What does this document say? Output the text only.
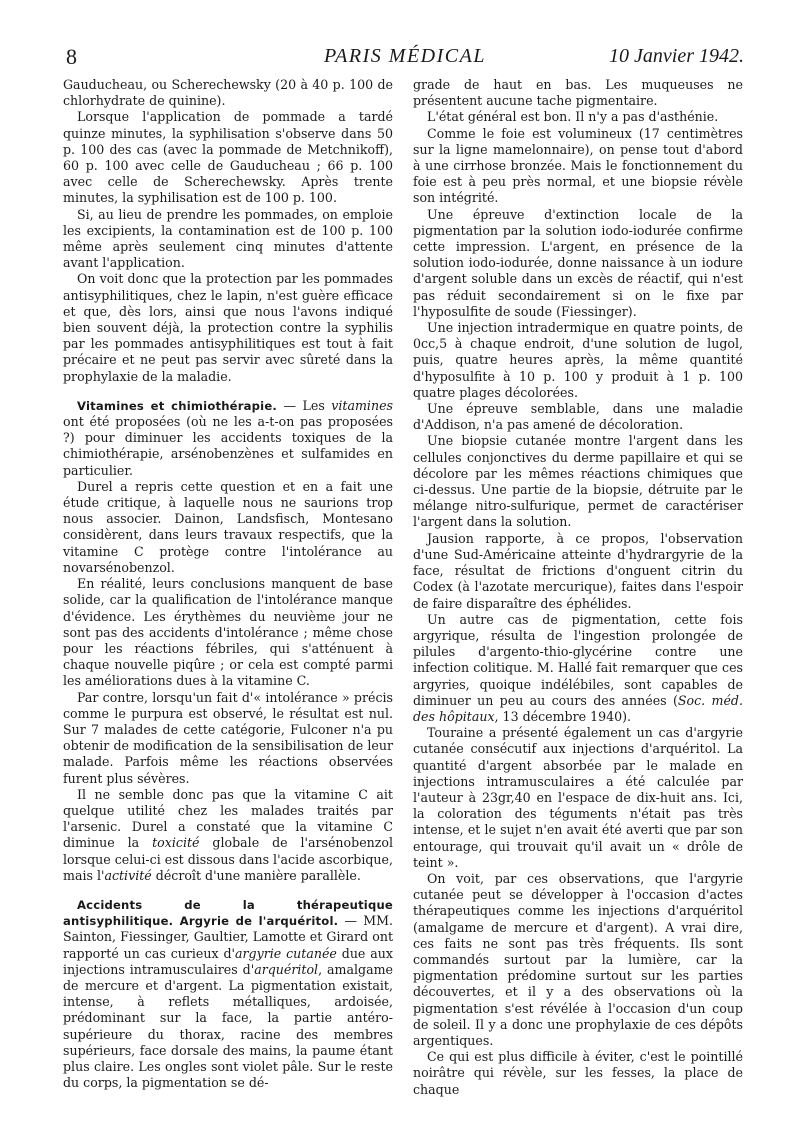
8	PARIS MÉDICAL	10 Janvier 1942.

Gauducheau, ou Scherechewsky (20 à 40 p. 100 de chlorhydrate de quinine).

Lorsque l'application de pommade a tardé quinze minutes, la syphilisation s'observe dans 50 p. 100 des cas (avec la pommade de Metchnikoff), 60 p. 100 avec celle de Gauducheau ; 66 p. 100 avec celle de Scherechewsky. Après trente minutes, la syphilisation est de 100 p. 100.

Si, au lieu de prendre les pommades, on emploie les excipients, la contamination est de 100 p. 100 même après seulement cinq minutes d'attente avant l'application.

On voit donc que la protection par les pommades antisyphilitiques, chez le lapin, n'est guère efficace et que, dès lors, ainsi que nous l'avons indiqué bien souvent déjà, la protection contre la syphilis par les pommades antisyphilitiques est tout à fait précaire et ne peut pas servir avec sûreté dans la prophylaxie de la maladie.

Vitamines et chimiothérapie. — Les vitamines ont été proposées (où ne les a-t-on pas proposées ?) pour diminuer les accidents toxiques de la chimiothérapie, arsénobenzènes et sulfamides en particulier.

Durel a repris cette question et en a fait une étude critique, à laquelle nous ne saurions trop nous associer. Dainon, Landsfisch, Montesano considèrent, dans leurs travaux respectifs, que la vitamine C protège contre l'intolérance au novarsénobenzol.

En réalité, leurs conclusions manquent de base solide, car la qualification de l'intolérance manque d'évidence. Les érythèmes du neuvième jour ne sont pas des accidents d'intolérance ; même chose pour les réactions fébriles, qui s'atténuent à chaque nouvelle piqûre ; or cela est compté parmi les améliorations dues à la vitamine C.

Par contre, lorsqu'un fait d'« intolérance » précis comme le purpura est observé, le résultat est nul. Sur 7 malades de cette catégorie, Fulconer n'a pu obtenir de modification de la sensibilisation de leur malade. Parfois même les réactions observées furent plus sévères.

Il ne semble donc pas que la vitamine C ait quelque utilité chez les malades traités par l'arsenic. Durel a constaté que la vitamine C diminue la toxicité globale de l'arsénobenzol lorsque celui-ci est dissous dans l'acide ascorbique, mais l'activité décroît d'une manière parallèle.

Accidents de la thérapeutique antisyphilitique. Argyrie de l'arquéritol. — MM. Sainton, Fiessinger, Gaultier, Lamotte et Girard ont rapporté un cas curieux d'argyrie cutanée due aux injections intramusculaires d'arquéritol, amalgame de mercure et d'argent. La pigmentation existait, intense, à reflets métalliques, ardoisée, prédominant sur la face, la partie antéro-supérieure du thorax, racine des membres supérieurs, face dorsale des mains, la paume étant plus claire. Les ongles sont violet pâle. Sur le reste du corps, la pigmentation se dé-

grade de haut en bas. Les muqueuses ne présentent aucune tache pigmentaire.

L'état général est bon. Il n'y a pas d'asthénie.

Comme le foie est volumineux (17 centimètres sur la ligne mamelonnaire), on pense tout d'abord à une cirrhose bronzée. Mais le fonctionnement du foie est à peu près normal, et une biopsie révèle son intégrité.

Une épreuve d'extinction locale de la pigmentation par la solution iodo-iodurée confirme cette impression. L'argent, en présence de la solution iodo-iodurée, donne naissance à un iodure d'argent soluble dans un excès de réactif, qui n'est pas réduit secondairement si on le fixe par l'hyposulfite de soude (Fiessinger).

Une injection intradermique en quatre points, de 0cc,5 à chaque endroit, d'une solution de lugol, puis, quatre heures après, la même quantité d'hyposulfite à 10 p. 100 y produit à 1 p. 100 quatre plages décolorées.

Une épreuve semblable, dans une maladie d'Addison, n'a pas amené de décoloration.

Une biopsie cutanée montre l'argent dans les cellules conjonctives du derme papillaire et qui se décolore par les mêmes réactions chimiques que ci-dessus. Une partie de la biopsie, détruite par le mélange nitro-sulfurique, permet de caractériser l'argent dans la solution.

Jausion rapporte, à ce propos, l'observation d'une Sud-Américaine atteinte d'hydrargyrie de la face, résultat de frictions d'onguent citrin du Codex (à l'azotate mercurique), faites dans l'espoir de faire disparaître des éphélides.

Un autre cas de pigmentation, cette fois argyrique, résulta de l'ingestion prolongée de pilules d'argento-thio-glycérine contre une infection colitique. M. Hallé fait remarquer que ces argyries, quoique indélébiles, sont capables de diminuer un peu au cours des années (Soc. méd. des hôpitaux, 13 décembre 1940).

Touraine a présenté également un cas d'argyrie cutanée consécutif aux injections d'arquéritol. La quantité d'argent absorbée par le malade en injections intramusculaires a été calculée par l'auteur à 23gr,40 en l'espace de dix-huit ans. Ici, la coloration des téguments n'était pas très intense, et le sujet n'en avait été averti que par son entourage, qui trouvait qu'il avait un « drôle de teint ».

On voit, par ces observations, que l'argyrie cutanée peut se développer à l'occasion d'actes thérapeutiques comme les injections d'arquéritol (amalgame de mercure et d'argent). A vrai dire, ces faits ne sont pas très fréquents. Ils sont commandés surtout par la lumière, car la pigmentation prédomine surtout sur les parties découvertes, et il y a des observations où la pigmentation s'est révélée à l'occasion d'un coup de soleil. Il y a donc une prophylaxie de ces dépôts argentiques.

Ce qui est plus difficile à éviter, c'est le pointillé noirâtre qui révèle, sur les fesses, la place de chaque
